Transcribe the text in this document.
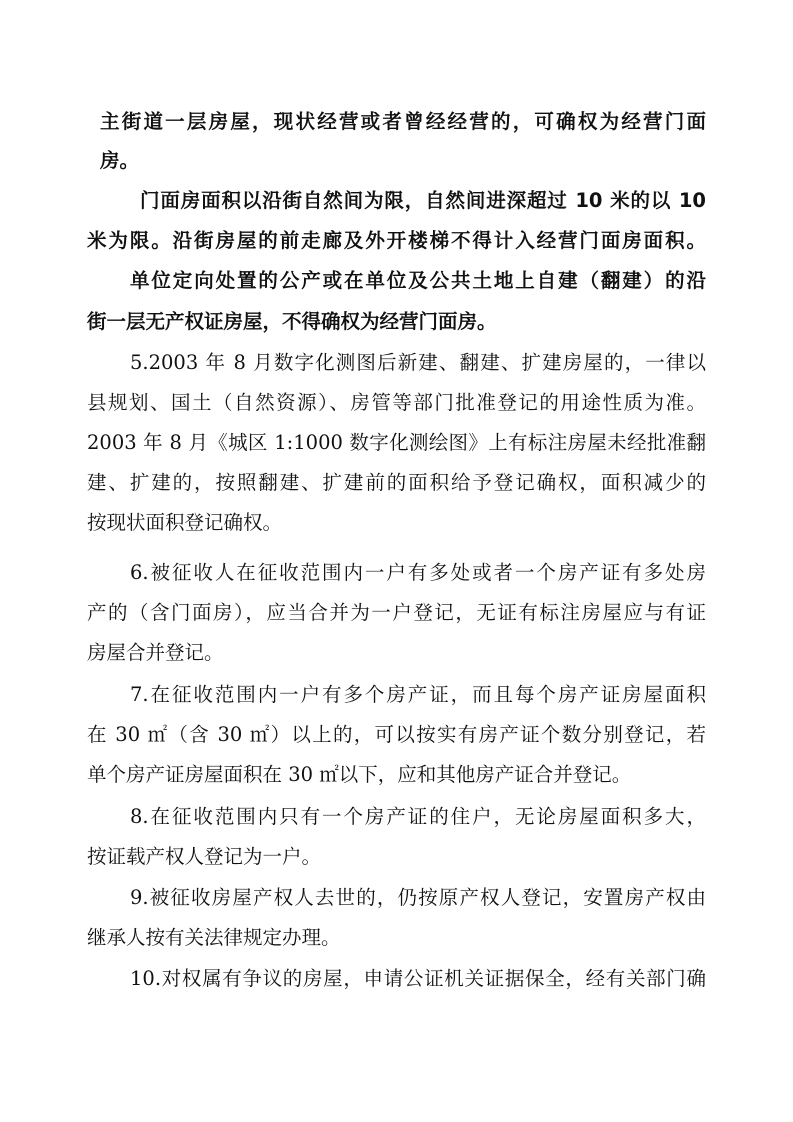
主街道一层房屋，现状经营或者曾经经营的，可确权为经营门面

房。

门面房面积以沿街自然间为限，自然间进深超过 10 米的以 10

米为限。沿街房屋的前走廊及外开楼梯不得计入经营门面房面积。

单位定向处置的公产或在单位及公共土地上自建（翻建）的沿

街一层无产权证房屋，不得确权为经营门面房。

5.2003 年 8 月数字化测图后新建、翻建、扩建房屋的，一律以

县规划、国土（自然资源）、房管等部门批准登记的用途性质为准。

2003 年 8 月《城区 1:1000 数字化测绘图》上有标注房屋未经批准翻

建、扩建的，按照翻建、扩建前的面积给予登记确权，面积减少的

按现状面积登记确权。

6.被征收人在征收范围内一户有多处或者一个房产证有多处房

产的（含门面房），应当合并为一户登记，无证有标注房屋应与有证

房屋合并登记。

7.在征收范围内一户有多个房产证，而且每个房产证房屋面积

在 30 ㎡（含 30 ㎡）以上的，可以按实有房产证个数分别登记，若

单个房产证房屋面积在 30 ㎡以下，应和其他房产证合并登记。

8.在征收范围内只有一个房产证的住户，无论房屋面积多大，

按证载产权人登记为一户。

9.被征收房屋产权人去世的，仍按原产权人登记，安置房产权由

继承人按有关法律规定办理。

10.对权属有争议的房屋，申请公证机关证据保全，经有关部门确
